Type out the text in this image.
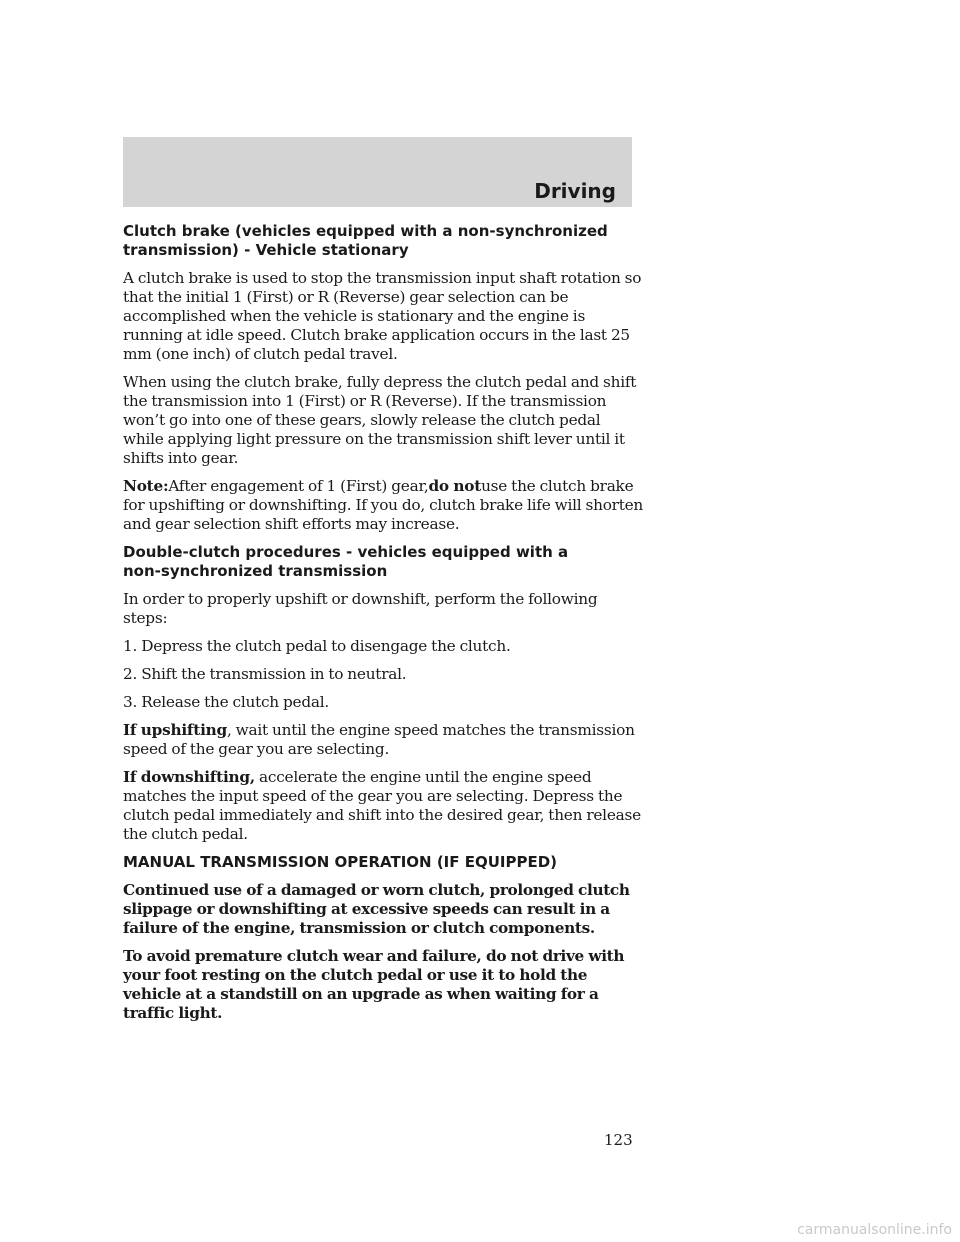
Driving
Clutch brake (vehicles equipped with a non-synchronized
transmission) - Vehicle stationary
A clutch brake is used to stop the transmission input shaft rotation so that the initial 1 (First) or R (Reverse) gear selection can be accomplished when the vehicle is stationary and the engine is running at idle speed. Clutch brake application occurs in the last 25 mm (one inch) of clutch pedal travel.
When using the clutch brake, fully depress the clutch pedal and shift the transmission into 1 (First) or R (Reverse). If the transmission won’t go into one of these gears, slowly release the clutch pedal while applying light pressure on the transmission shift lever until it shifts into gear.
Note:After engagement of 1 (First) gear,do notuse the clutch brake for upshifting or downshifting. If you do, clutch brake life will shorten and gear selection shift efforts may increase.
Double-clutch procedures - vehicles equipped with a
non-synchronized transmission
In order to properly upshift or downshift, perform the following steps:
1. Depress the clutch pedal to disengage the clutch.
2. Shift the transmission in to neutral.
3. Release the clutch pedal.
If upshifting, wait until the engine speed matches the transmission speed of the gear you are selecting.
If downshifting, accelerate the engine until the engine speed matches the input speed of the gear you are selecting. Depress the clutch pedal immediately and shift into the desired gear, then release the clutch pedal.
MANUAL TRANSMISSION OPERATION (IF EQUIPPED)
Continued use of a damaged or worn clutch, prolonged clutch slippage or downshifting at excessive speeds can result in a failure of the engine, transmission or clutch components.
To avoid premature clutch wear and failure, do not drive with your foot resting on the clutch pedal or use it to hold the vehicle at a standstill on an upgrade as when waiting for a traffic light.
123
carmanualsonline.info
